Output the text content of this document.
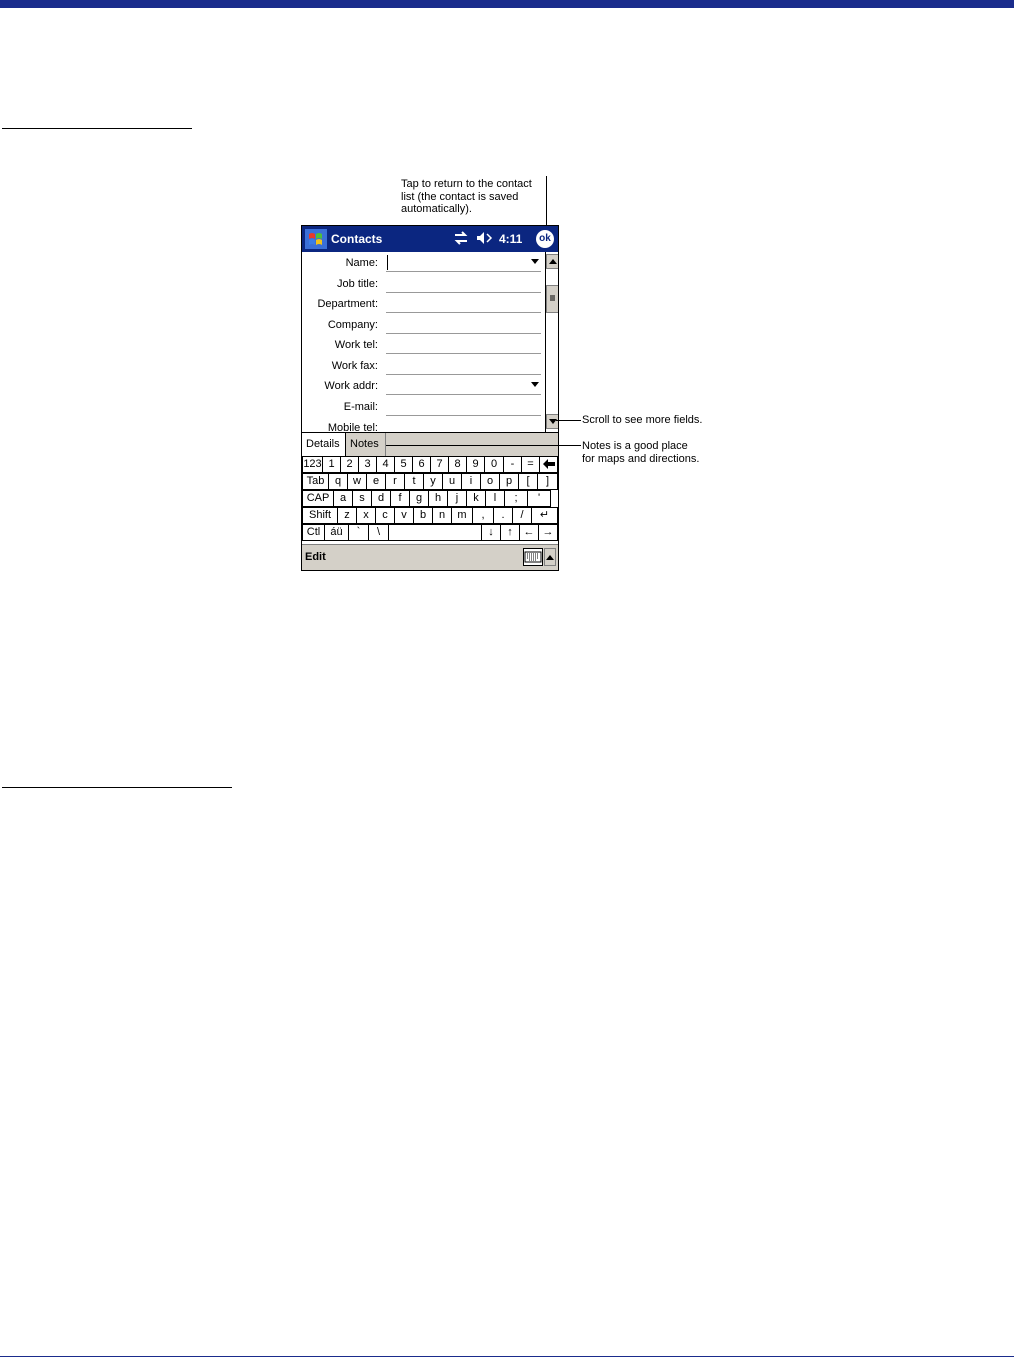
Tap to return to the contact
list (the contact is saved
automatically).
Contacts	4:11	ok
Name:
Job title:
Department:
Company:
Work tel:
Work fax:
Work addr:
E-mail:
Mobile tel:
Details Notes
123 1	2	3	4	5	6	7	8	9	0	-	=
Tab q	w	e	r	t	y	u	i	o	p	[	]
CAP a	s	d	f	g	h	j	k	l	;	'
Shift	z	x	c	v	b	n	m	,	.	/	↵
Ctl áü	`	\	↓	↑ ← →
Edit
Scroll to see more fields.
Notes is a good place
for maps and directions.
